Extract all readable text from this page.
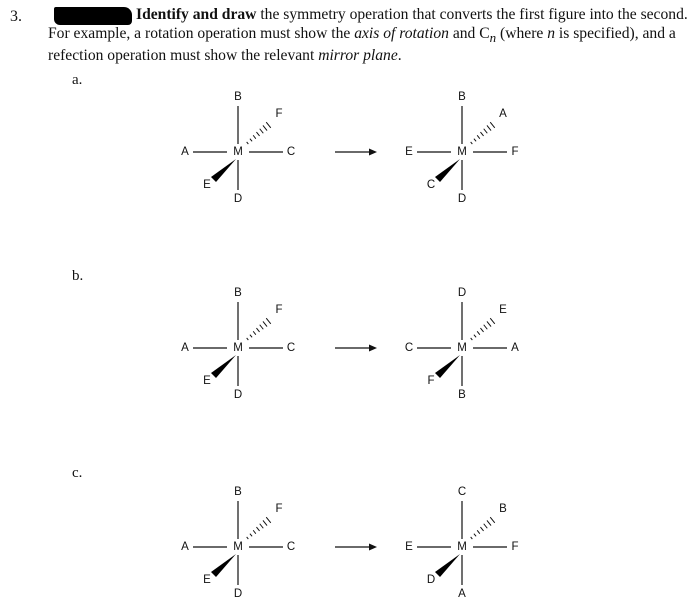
3.	Identify and draw the symmetry operation that converts the first figure into the second. For example, a rotation operation must show the axis of rotation and $C_n$ (where n is specified), and a refection operation must show the relevant mirror plane.
a.
b.
c.
B
F
A	C
E
D
M
B
A
E	F
C
D
M
B
F
A	C
E
D
M
D
E
C	A
F
B
M
B
F
A	C
E
D
M
C
B
E	F
D
A
M
